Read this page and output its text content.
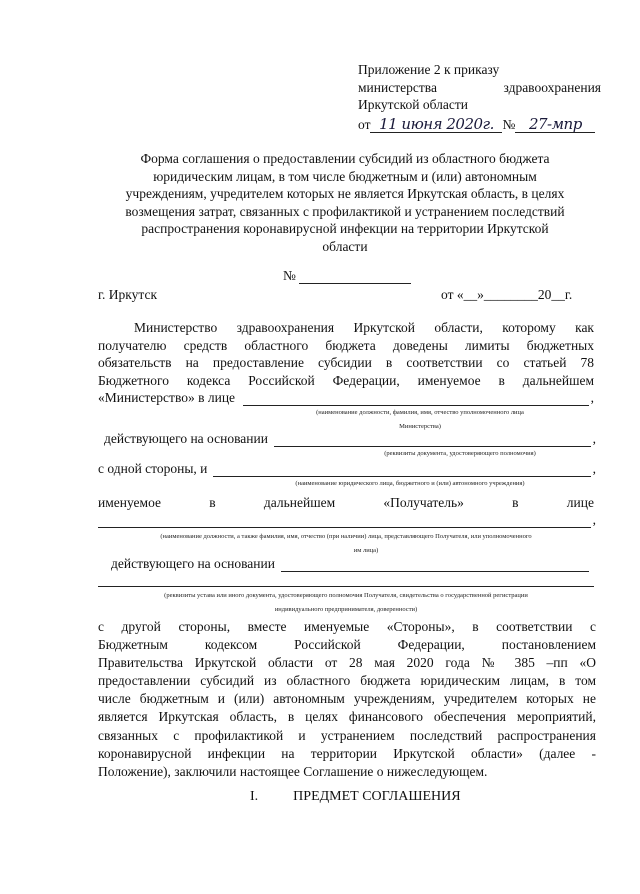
Приложение 2 к приказу
министерства	здравоохранения
Иркутской области
от 11 июня 2020г. № 27-мпр
Форма соглашения о предоставлении субсидий из областного бюджета
юридическим лицам, в том числе бюджетным и (или) автономным
учреждениям, учредителем которых не является Иркутская область, в целях
возмещения затрат, связанных с профилактикой и устранением последствий
распространения коронавирусной инфекции на территории Иркутской
области
№
г. Иркутск	от «__»________20__г.
Министерство здравоохранения Иркутской области, которому как
получателю средств областного бюджета доведены лимиты бюджетных
обязательств на предоставление субсидии в соответствии со статьей 78
Бюджетного кодекса Российской Федерации, именуемое в дальнейшем
«Министерство» в лице	,
(наименование должности, фамилия, имя, отчество уполномоченного лица
Министерства)
действующего на основании	,
(реквизиты документа, удостоверяющего полномочия)
с одной стороны, и	,
(наименование юридического лица, бюджетного и (или) автономного учреждения)
именуемое	в	дальнейшем	«Получатель»	в	лице
,
(наименование должности, а также фамилия, имя, отчество (при наличии) лица, представляющего Получателя, или уполномоченного
им лица)
действующего на основании
(реквизиты устава или иного документа, удостоверяющего полномочия Получателя, свидетельства о государственной регистрации
индивидуального предпринимателя, доверенности)
с другой стороны, вместе именуемые «Стороны», в соответствии с
Бюджетным кодексом Российской Федерации, постановлением
Правительства Иркутской области от 28 мая 2020 года № 385 –пп «О
предоставлении субсидий из областного бюджета юридическим лицам, в том
числе бюджетным и (или) автономным учреждениям, учредителем которых не
является Иркутская область, в целях финансового обеспечения мероприятий,
связанных с профилактикой и устранением последствий распространения
коронавирусной инфекции на территории Иркутской области» (далее -
Положение), заключили настоящее Соглашение о нижеследующем.
I.	ПРЕДМЕТ СОГЛАШЕНИЯ
